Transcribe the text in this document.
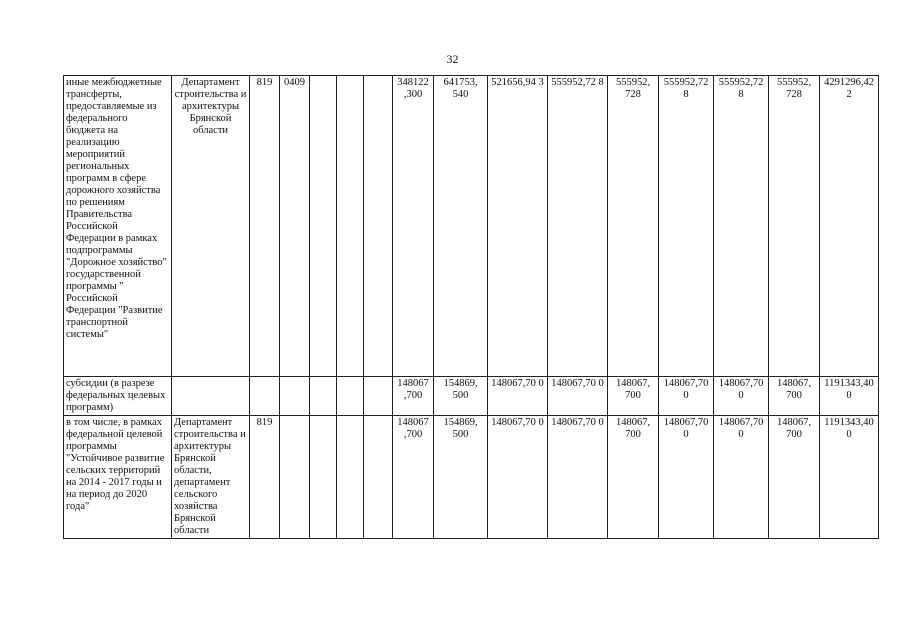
32
иные межбюджетные трансферты, предоставляемые из федерального бюджета на реализацию мероприятий региональных программ в сфере дорожного хозяйства по решениям Правительства Российской Федерации в рамках подпрограммы "Дорожное хозяйство" государственной программы " Российской Федерации "Развитие транспортной системы"	Департамент строительства и архитектуры Брянской области	819	0409				348122 ,300	641753, 540	521656,94 3	555952,72 8	555952, 728	555952,72 8	555952,72 8	555952, 728	4291296,42 2
субсидии (в разрезе федеральных целевых программ)							148067 ,700	154869, 500	148067,70 0	148067,70 0	148067, 700	148067,70 0	148067,70 0	148067, 700	1191343,40 0
в том числе, в рамках федеральной целевой программы "Устойчивое развитие сельских территорий на 2014 - 2017 годы и на период до 2020 года"	Департамент строительства и архитектуры Брянской области, департамент сельского хозяйства Брянской области	819					148067 ,700	154869, 500	148067,70 0	148067,70 0	148067, 700	148067,70 0	148067,70 0	148067, 700	1191343,40 0
